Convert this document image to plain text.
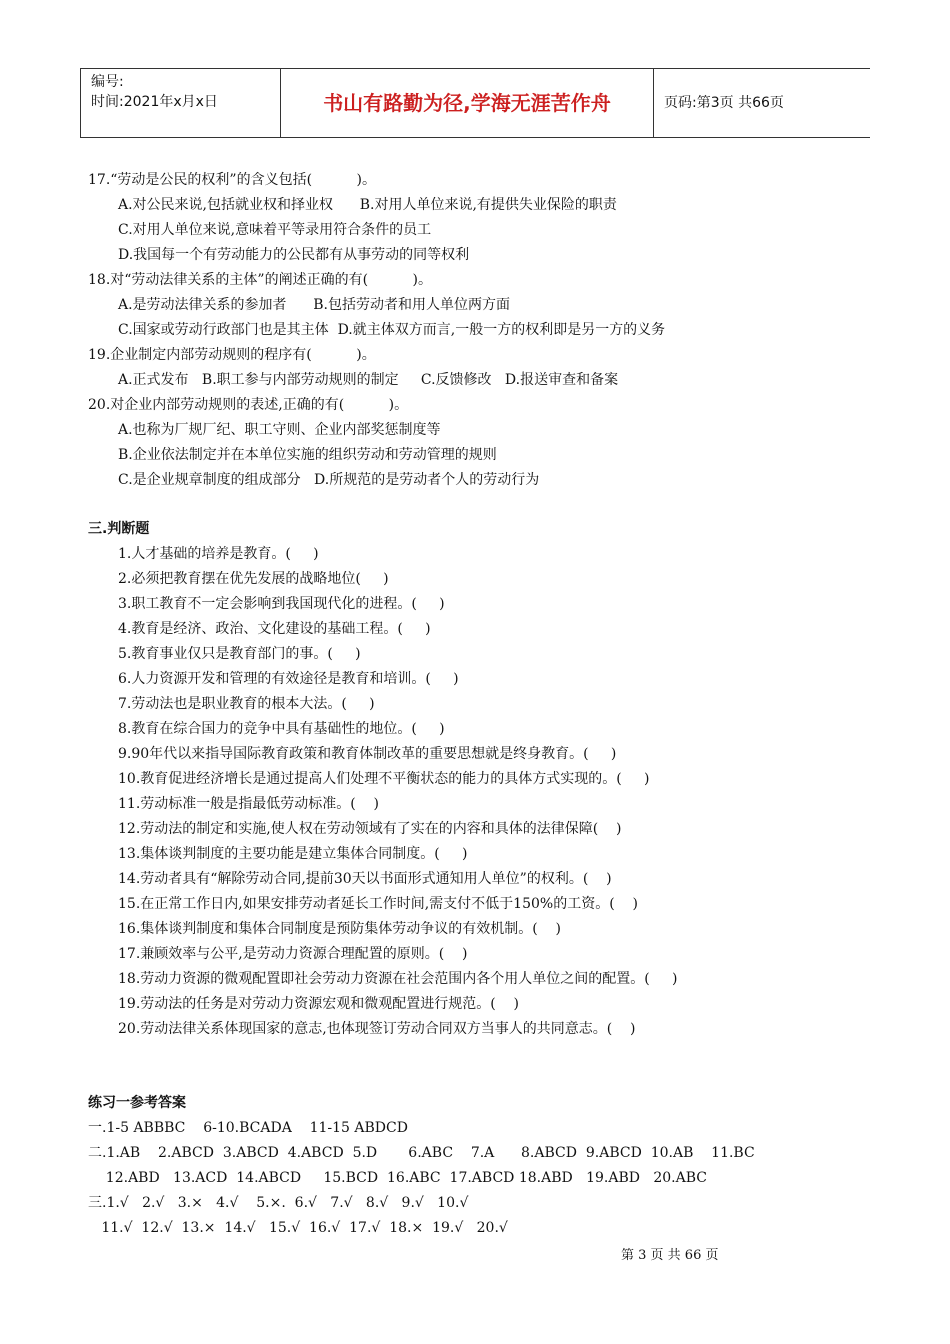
编号:
时间:2021年x月x日	书山有路勤为径,学海无涯苦作舟	页码:第3页 共66页
17.“劳动是公民的权利”的含义包括(          )。
A.对公民来说,包括就业权和择业权      B.对用人单位来说,有提供失业保险的职责
C.对用人单位来说,意味着平等录用符合条件的员工
D.我国每一个有劳动能力的公民都有从事劳动的同等权利
18.对“劳动法律关系的主体”的阐述正确的有(          )。
A.是劳动法律关系的参加者      B.包括劳动者和用人单位两方面
C.国家或劳动行政部门也是其主体  D.就主体双方而言,一般一方的权利即是另一方的义务
19.企业制定内部劳动规则的程序有(          )。
A.正式发布   B.职工参与内部劳动规则的制定     C.反馈修改   D.报送审查和备案
20.对企业内部劳动规则的表述,正确的有(          )。
A.也称为厂规厂纪、职工守则、企业内部奖惩制度等
B.企业依法制定并在本单位实施的组织劳动和劳动管理的规则
C.是企业规章制度的组成部分   D.所规范的是劳动者个人的劳动行为
三.判断题
1.人才基础的培养是教育。(     )
2.必须把教育摆在优先发展的战略地位(     )
3.职工教育不一定会影响到我国现代化的进程。(     )
4.教育是经济、政治、文化建设的基础工程。(     )
5.教育事业仅只是教育部门的事。(     )
6.人力资源开发和管理的有效途径是教育和培训。(     )
7.劳动法也是职业教育的根本大法。(     )
8.教育在综合国力的竞争中具有基础性的地位。(     )
9.90年代以来指导国际教育政策和教育体制改革的重要思想就是终身教育。(     )
10.教育促进经济增长是通过提高人们处理不平衡状态的能力的具体方式实现的。(     )
11.劳动标准一般是指最低劳动标准。(    )
12.劳动法的制定和实施,使人权在劳动领域有了实在的内容和具体的法律保障(    )
13.集体谈判制度的主要功能是建立集体合同制度。(     )
14.劳动者具有“解除劳动合同,提前30天以书面形式通知用人单位”的权利。(    )
15.在正常工作日内,如果安排劳动者延长工作时间,需支付不低于150%的工资。(    )
16.集体谈判制度和集体合同制度是预防集体劳动争议的有效机制。(    )
17.兼顾效率与公平,是劳动力资源合理配置的原则。(    )
18.劳动力资源的微观配置即社会劳动力资源在社会范围内各个用人单位之间的配置。(     )
19.劳动法的任务是对劳动力资源宏观和微观配置进行规范。(    )
20.劳动法律关系体现国家的意志,也体现签订劳动合同双方当事人的共同意志。(    )
练习一参考答案
一.1-5 ABBBC    6-10.BCADA    11-15 ABDCD
二.1.AB    2.ABCD  3.ABCD  4.ABCD  5.D       6.ABC    7.A      8.ABCD  9.ABCD  10.AB    11.BC
12.ABD   13.ACD  14.ABCD     15.BCD  16.ABC  17.ABCD 18.ABD   19.ABD   20.ABC
三.1.√   2.√   3.×   4.√    5.×.  6.√   7.√   8.√   9.√   10.√
11.√  12.√  13.×  14.√   15.√  16.√  17.√  18.×  19.√   20.√
第 3 页 共 66 页
